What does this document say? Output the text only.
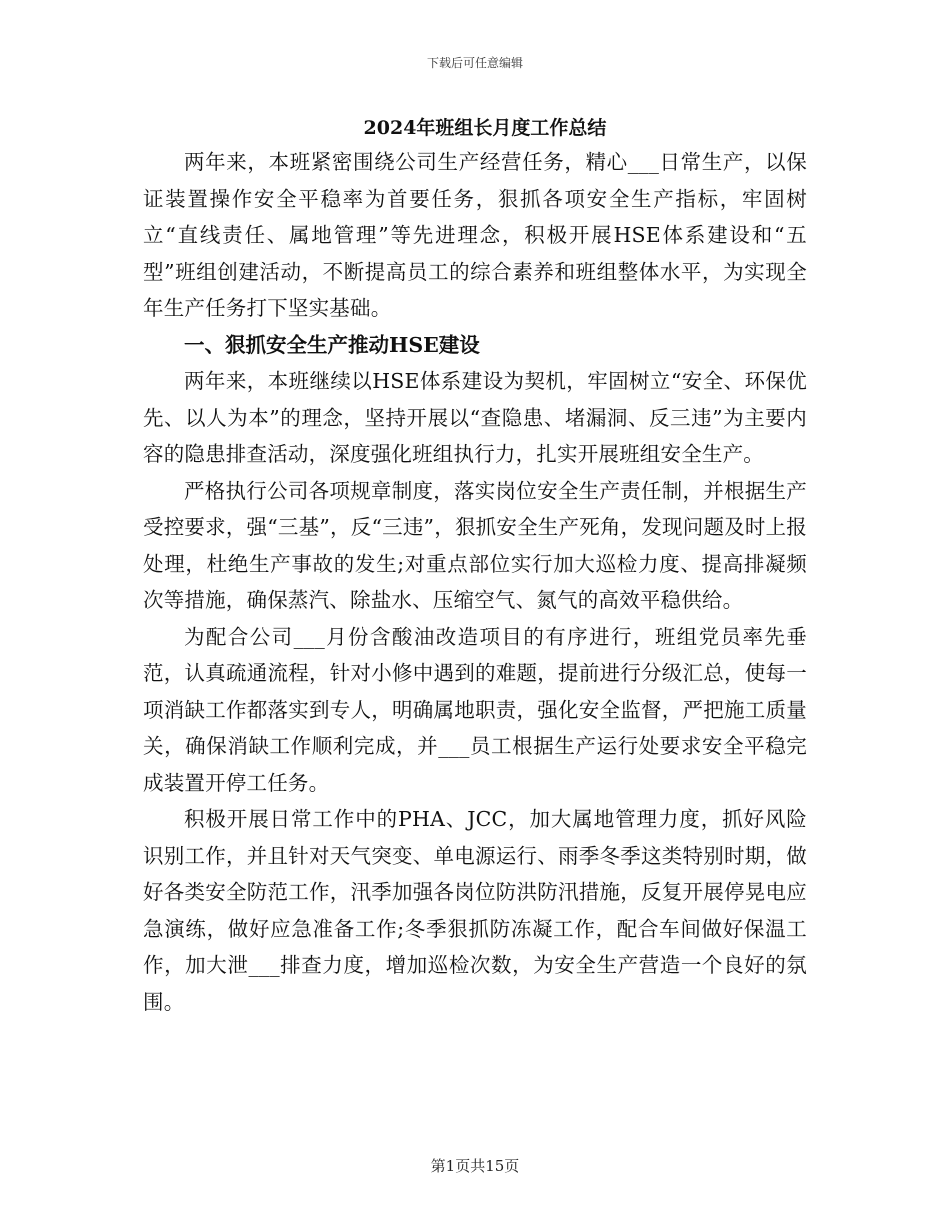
下载后可任意编辑
2024年班组长月度工作总结

两年来，本班紧密围绕公司生产经营任务，精心___日常生产，以保证装置操作安全平稳率为首要任务，狠抓各项安全生产指标，牢固树立“直线责任、属地管理”等先进理念，积极开展HSE体系建设和“五型”班组创建活动，不断提高员工的综合素养和班组整体水平，为实现全年生产任务打下坚实基础。

一、狠抓安全生产推动HSE建设

两年来，本班继续以HSE体系建设为契机，牢固树立“安全、环保优先、以人为本”的理念，坚持开展以“查隐患、堵漏洞、反三违”为主要内容的隐患排查活动，深度强化班组执行力，扎实开展班组安全生产。

严格执行公司各项规章制度，落实岗位安全生产责任制，并根据生产受控要求，强“三基”，反“三违”，狠抓安全生产死角，发现问题及时上报处理，杜绝生产事故的发生;对重点部位实行加大巡检力度、提高排凝频次等措施，确保蒸汽、除盐水、压缩空气、氮气的高效平稳供给。

为配合公司___月份含酸油改造项目的有序进行，班组党员率先垂范，认真疏通流程，针对小修中遇到的难题，提前进行分级汇总，使每一项消缺工作都落实到专人，明确属地职责，强化安全监督，严把施工质量关，确保消缺工作顺利完成，并___员工根据生产运行处要求安全平稳完成装置开停工任务。

积极开展日常工作中的PHA、JCC，加大属地管理力度，抓好风险识别工作，并且针对天气突变、单电源运行、雨季冬季这类特别时期，做好各类安全防范工作，汛季加强各岗位防洪防汛措施，反复开展停晃电应急演练，做好应急准备工作;冬季狠抓防冻凝工作，配合车间做好保温工作，加大泄___排查力度，增加巡检次数，为安全生产营造一个良好的氛围。

第1页共15页
